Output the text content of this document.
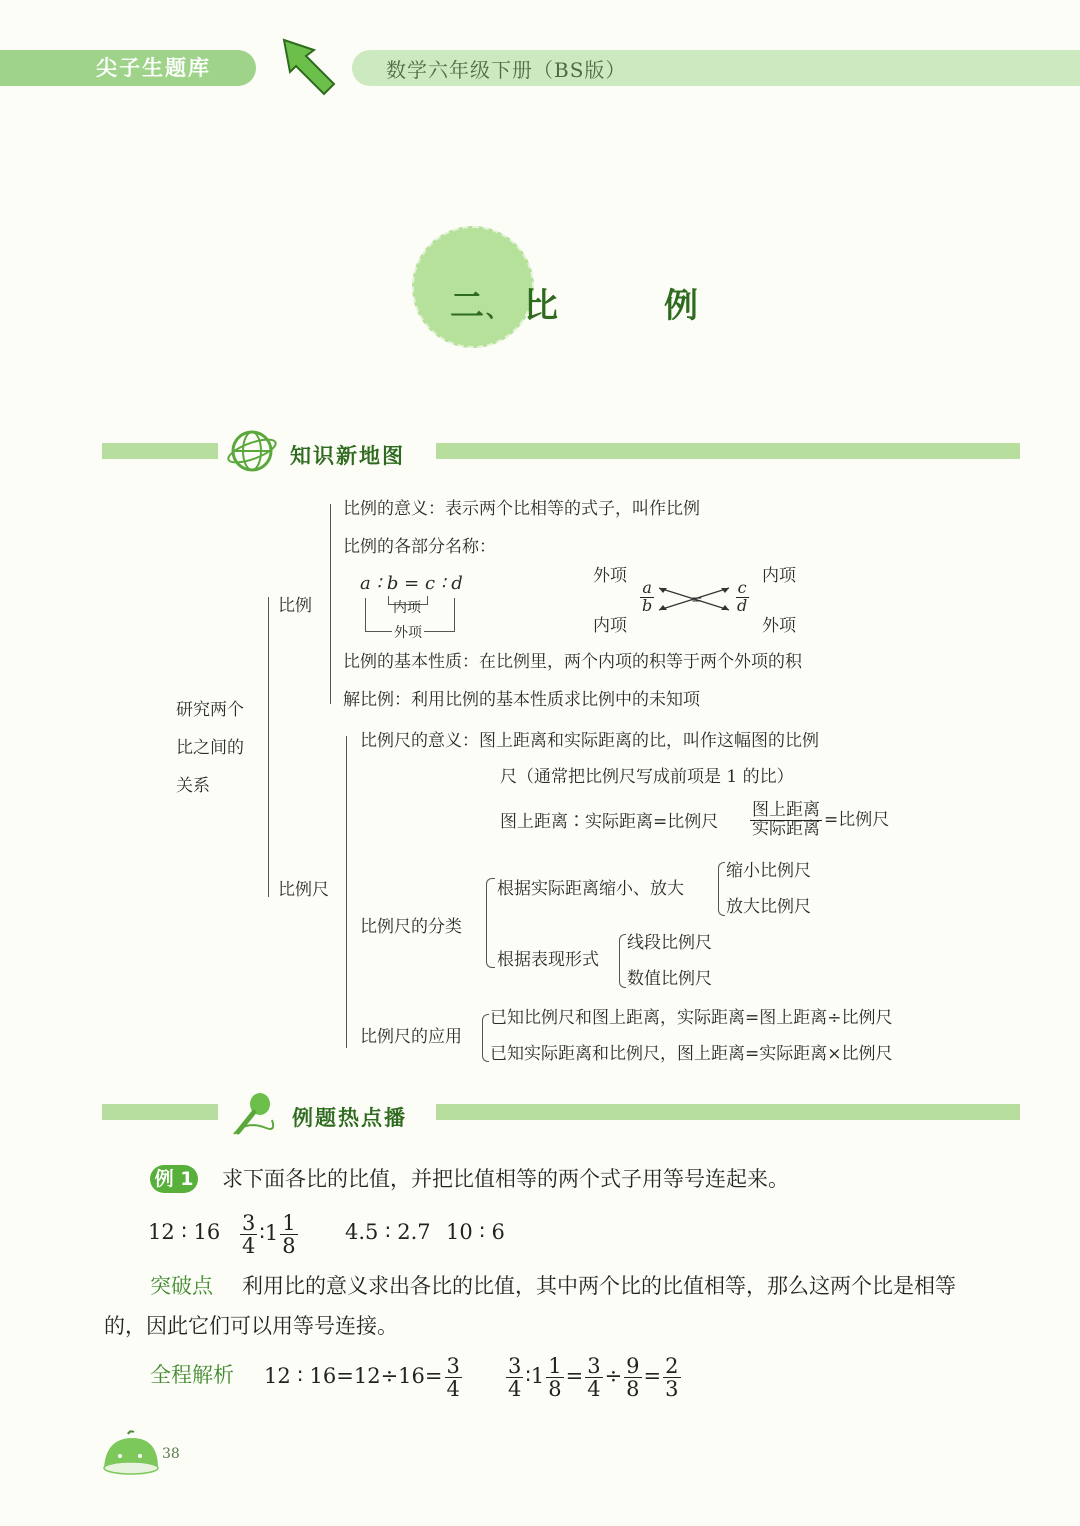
尖子生题库	数学六年级下册（BS版）
二、 比	例
知识新地图
研究两个
比之间的
关系
比例
比例的意义：表示两个比相等的式子，叫作比例
比例的各部分名称：
a ∶ b = c ∶ d
内项
外项
外项	内项
内项	外项
$\frac{a}{b}$	$\frac{c}{d}$
=
比例的基本性质：在比例里，两个内项的积等于两个外项的积
解比例：利用比例的基本性质求比例中的未知项
比例尺
比例尺的意义：图上距离和实际距离的比，叫作这幅图的比例
尺（通常把比例尺写成前项是 1 的比）
图上距离∶实际距离=比例尺 $\frac{\text{图上距离}}{\text{实际距离}}$ =比例尺
比例尺的分类
根据实际距离缩小、放大
缩小比例尺
放大比例尺
根据表现形式
线段比例尺
数值比例尺
比例尺的应用
已知比例尺和图上距离，实际距离=图上距离÷比例尺
已知实际距离和比例尺，图上距离=实际距离×比例尺
例题热点播
例 1 求下面各比的比值，并把比值相等的两个式子用等号连起来。
12 ∶ $16 \frac{3}{4}$ ∶1 $\frac{1}{8} 4.5$ ∶ 2.7 10 ∶ 6
突破点 利用比的意义求出各比的比值，其中两个比的比值相等，那么这两个比是相等
的，因此它们可以用等号连接。
全程解析 12 ∶ $16=12\div 16= \frac{3}{4} \frac{3}{4}$ ∶1 $\frac{1}{8} = \frac{3}{4} \div \frac{9}{8} = \frac{2}{3}$
38
